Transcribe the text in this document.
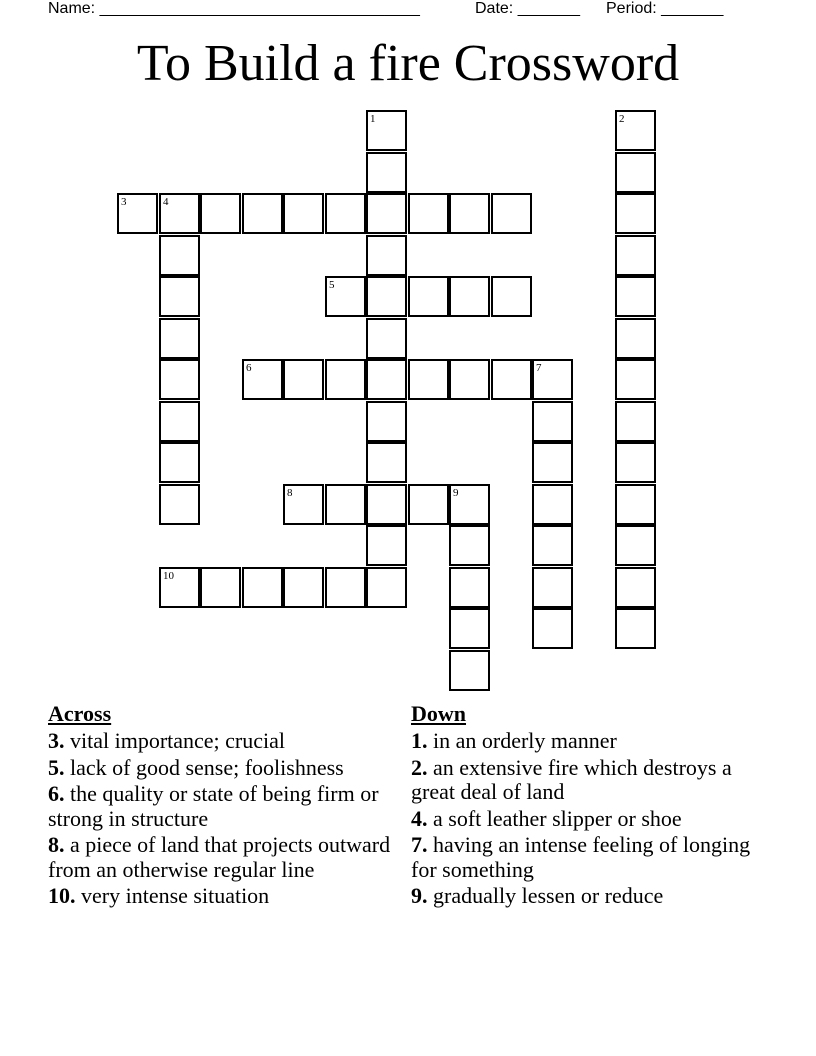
Name: ____________________________________

	Date: _______

Period: _______

To Build a fire Crossword
1	2
3	4
5
6	7
8	9
10
Across
3. vital importance; crucial
5. lack of good sense; foolishness
6. the quality or state of being firm or strong in structure
8. a piece of land that projects outward from an otherwise regular line
10. very intense situation
Down
1. in an orderly manner
2. an extensive fire which destroys a great deal of land
4. a soft leather slipper or shoe
7. having an intense feeling of longing for something
9. gradually lessen or reduce
